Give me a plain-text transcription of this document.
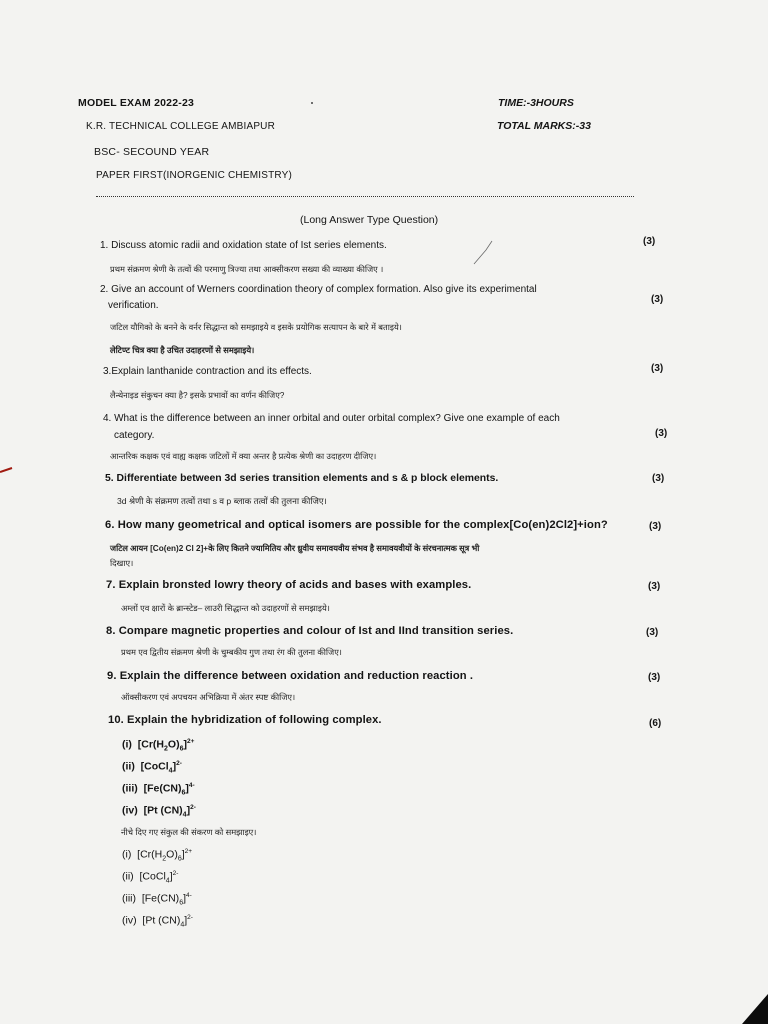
MODEL EXAM 2022-23
K.R. TECHNICAL COLLEGE AMBIAPUR
BSC- SECOUND YEAR
PAPER FIRST(INORGENIC CHEMISTRY)
TIME:-3HOURS
TOTAL MARKS:-33
(Long Answer Type Question)
1. Discuss atomic radii and oxidation state of Ist series elements.	(3)
प्रथम संक्रमण श्रेणी के तत्वों की परमाणु त्रिज्या तथा आक्सीकरण सख्या की व्याख्या कीजिए ।
2. Give an account of Werners coordination theory of complex formation. Also give its experimental
verification.
(3)
जटिल यौगिको के बनने के वर्नर सिद्धान्त को समझाइये व इसके प्रयोगिक सत्यापन के बारे में बताइये।
लेटिण्ट चित्र क्या है उचित उदाहरणों से समझाइये।
3.Explain lanthanide contraction and its effects.	(3)
लैन्थेनाइड संकुचन क्या है? इसके प्रभावों का वर्णन कीजिए?
4. What is the difference between an inner orbital and outer orbital complex? Give one example of each
category.	(3)
आन्तरिक कक्षक एवं वाह्य कक्षक जटिलों में क्या अन्तर है प्रत्येक श्रेणी का उदाहरण दीजिए।
5. Differentiate between 3d series transition elements and s & p block elements.	(3)
3d श्रेणी के संक्रमण तत्वों तथा s व p ब्लाक तत्वों की तुलना कीजिए।
6. How many geometrical and optical isomers are possible for the complex[Co(en)2Cl2]+ion?	(3)
जटिल आयन [Co(en)2 Cl 2]+के लिए कितने ज्यामितिय और ध्रुवीय समावयवीय संभव है समावयवीयों के संरचनात्मक सूत्र भी
दिखाए।
7. Explain bronsted lowry theory of acids and bases with examples.	(3)
अम्लों एव क्षारों के ब्रान्स्टेड– लाउरी सिद्धान्त को उदाहरणों से समझाइये।
8. Compare magnetic properties and colour of Ist and IInd transition series.	(3)
प्रथम एव द्वितीय संक्रमण श्रेणी के चुम्बकीय गुण तथा रंग की तुलना कीजिए।
9. Explain the difference between oxidation and reduction reaction .	(3)
ऑक्सीकरण एवं अपचयन अभिक्रिया में अंतर स्पष्ट कीजिए।
10. Explain the hybridization of following complex.	(6)
(i) $[Cr(H_2O)_6]^{2+}$
(ii) [CoCl$_4$]$^{2-}$
(iii) $[Fe(CN)_6]^{4-}$
(iv) [Pt $(CN)_4]^{2-}$
नीचे दिए गए संकुल की संकरण को समझाइए।
(i) $[Cr(H_2O)_6]^{2+}$
(ii) [CoCl$_4$]$^{2-}$
(iii) $[Fe(CN)_6]^{4-}$
(iv) [Pt $(CN)_4]^{2-}$
